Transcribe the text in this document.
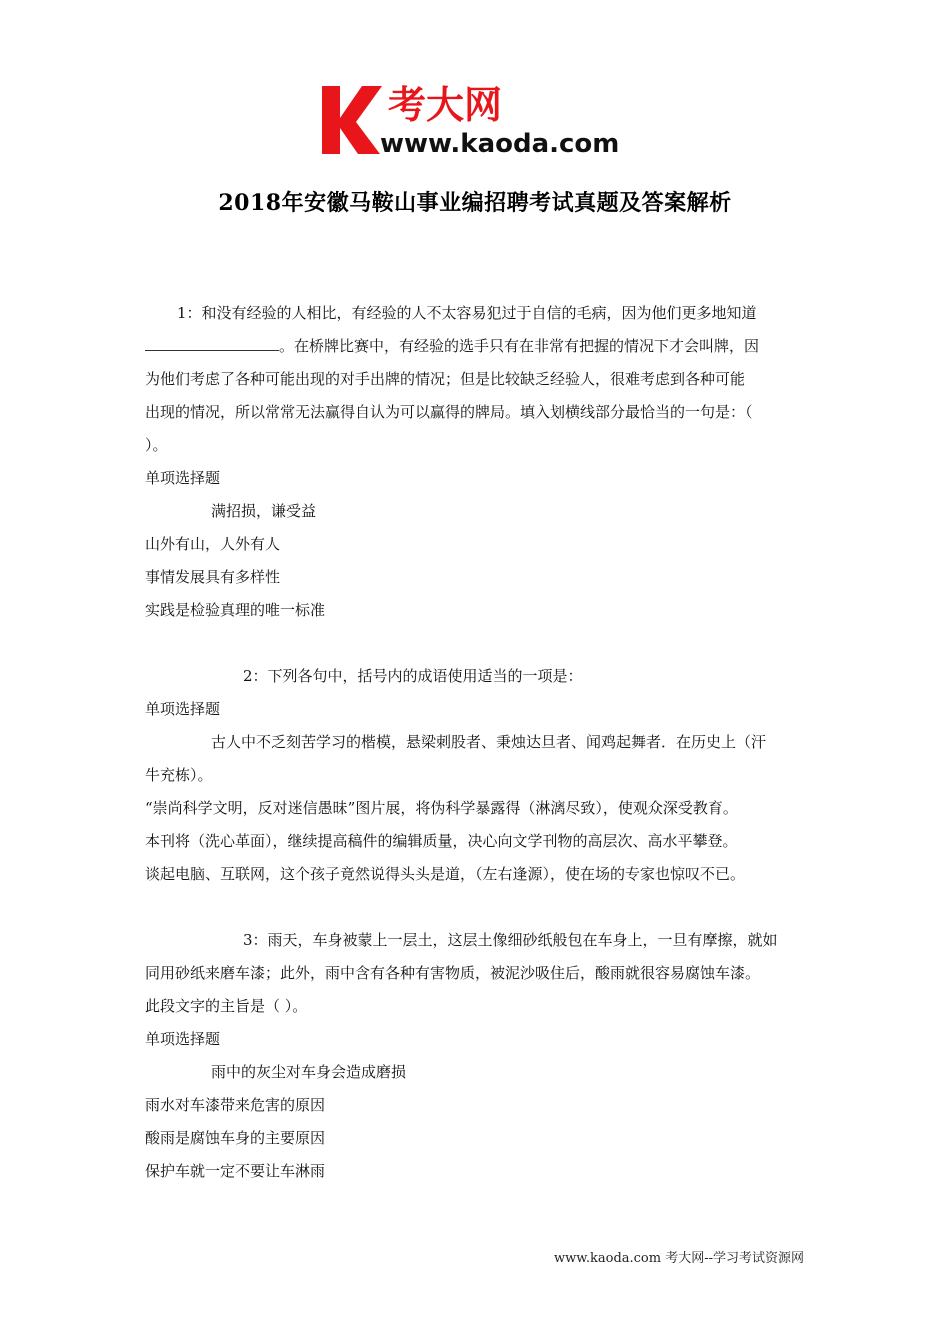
考大网
www.kaoda.com
2018年安徽马鞍山事业编招聘考试真题及答案解析
1：和没有经验的人相比，有经验的人不太容易犯过于自信的毛病，因为他们更多地知道
。在桥牌比赛中，有经验的选手只有在非常有把握的情况下才会叫牌，因
为他们考虑了各种可能出现的对手出牌的情况；但是比较缺乏经验人，很难考虑到各种可能
出现的情况，所以常常无法赢得自认为可以赢得的牌局。填入划横线部分最恰当的一句是：（
）。
单项选择题
满招损，谦受益
山外有山，人外有人
事情发展具有多样性
实践是检验真理的唯一标准
2：下列各句中，括号内的成语使用适当的一项是：
单项选择题
古人中不乏刻苦学习的楷模，悬梁刺股者、秉烛达旦者、闻鸡起舞者．在历史上（汗
牛充栋）。
“崇尚科学文明，反对迷信愚昧”图片展，将伪科学暴露得（淋漓尽致），使观众深受教育。
本刊将（洗心革面），继续提高稿件的编辑质量，决心向文学刊物的高层次、高水平攀登。
谈起电脑、互联网，这个孩子竟然说得头头是道，（左右逢源），使在场的专家也惊叹不已。
3：雨天，车身被蒙上一层土，这层土像细砂纸般包在车身上，一旦有摩擦，就如
同用砂纸来磨车漆；此外，雨中含有各种有害物质，被泥沙吸住后，酸雨就很容易腐蚀车漆。
此段文字的主旨是（ ）。
单项选择题
雨中的灰尘对车身会造成磨损
雨水对车漆带来危害的原因
酸雨是腐蚀车身的主要原因
保护车就一定不要让车淋雨
www.kaoda.com 考大网--学习考试资源网
